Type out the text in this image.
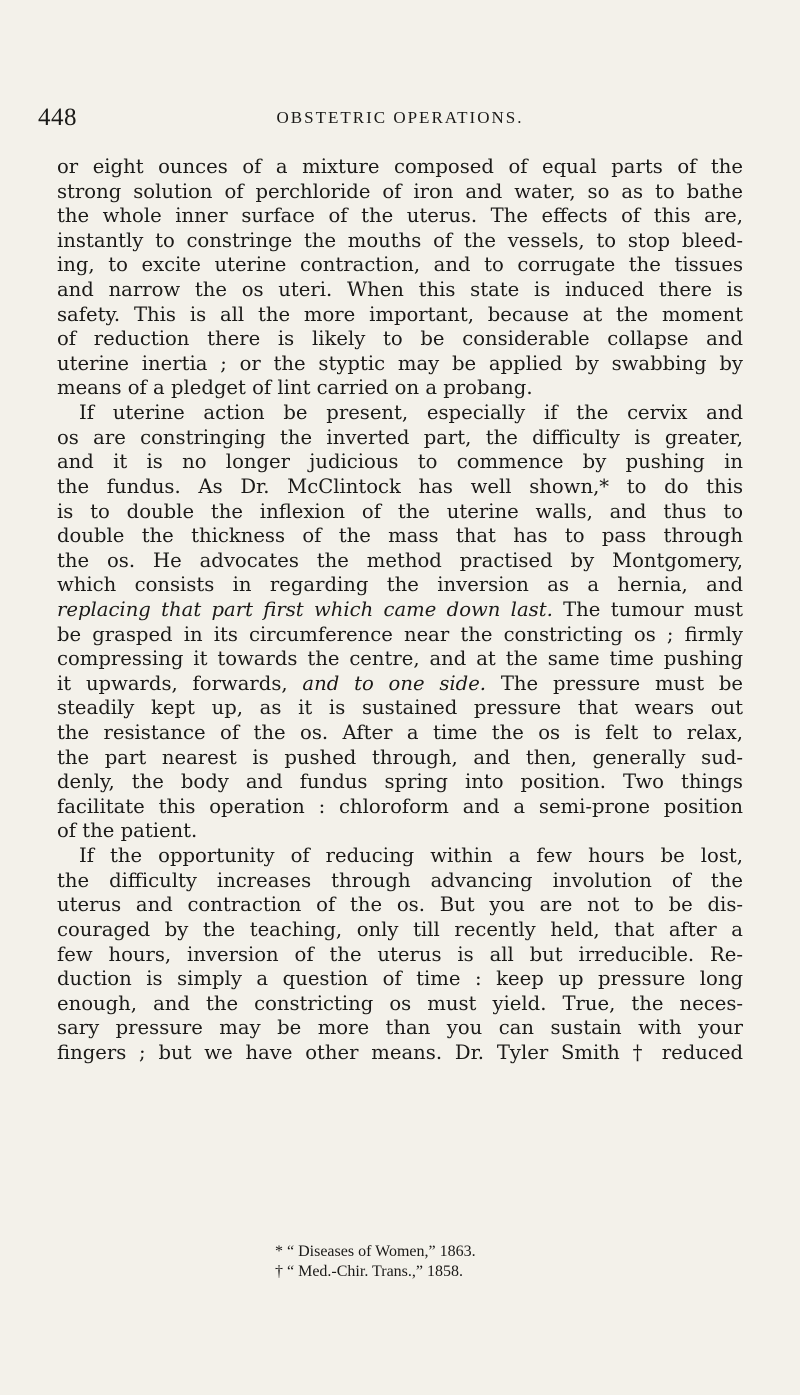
448	OBSTETRIC OPERATIONS.
or eight ounces of a mixture composed of equal parts of the
strong solution of perchloride of iron and water, so as to bathe
the whole inner surface of the uterus. The effects of this are,
instantly to constringe the mouths of the vessels, to stop bleed-
ing, to excite uterine contraction, and to corrugate the tissues
and narrow the os uteri. When this state is induced there is
safety. This is all the more important, because at the moment
of reduction there is likely to be considerable collapse and
uterine inertia ; or the styptic may be applied by swabbing by
means of a pledget of lint carried on a probang.
If uterine action be present, especially if the cervix and
os are constringing the inverted part, the difficulty is greater,
and it is no longer judicious to commence by pushing in
the fundus. As Dr. McClintock has well shown,* to do this
is to double the inflexion of the uterine walls, and thus to
double the thickness of the mass that has to pass through
the os. He advocates the method practised by Montgomery,
which consists in regarding the inversion as a hernia, and
replacing that part first which came down last. The tumour must
be grasped in its circumference near the constricting os ; firmly
compressing it towards the centre, and at the same time pushing
it upwards, forwards, and to one side. The pressure must be
steadily kept up, as it is sustained pressure that wears out
the resistance of the os. After a time the os is felt to relax,
the part nearest is pushed through, and then, generally sud-
denly, the body and fundus spring into position. Two things
facilitate this operation : chloroform and a semi-prone position
of the patient.
If the opportunity of reducing within a few hours be lost,
the difficulty increases through advancing involution of the
uterus and contraction of the os. But you are not to be dis-
couraged by the teaching, only till recently held, that after a
few hours, inversion of the uterus is all but irreducible. Re-
duction is simply a question of time : keep up pressure long
enough, and the constricting os must yield. True, the neces-
sary pressure may be more than you can sustain with your
fingers ; but we have other means. Dr. Tyler Smith † reduced
* “ Diseases of Women,” 1863.
† “ Med.-Chir. Trans.,” 1858.
